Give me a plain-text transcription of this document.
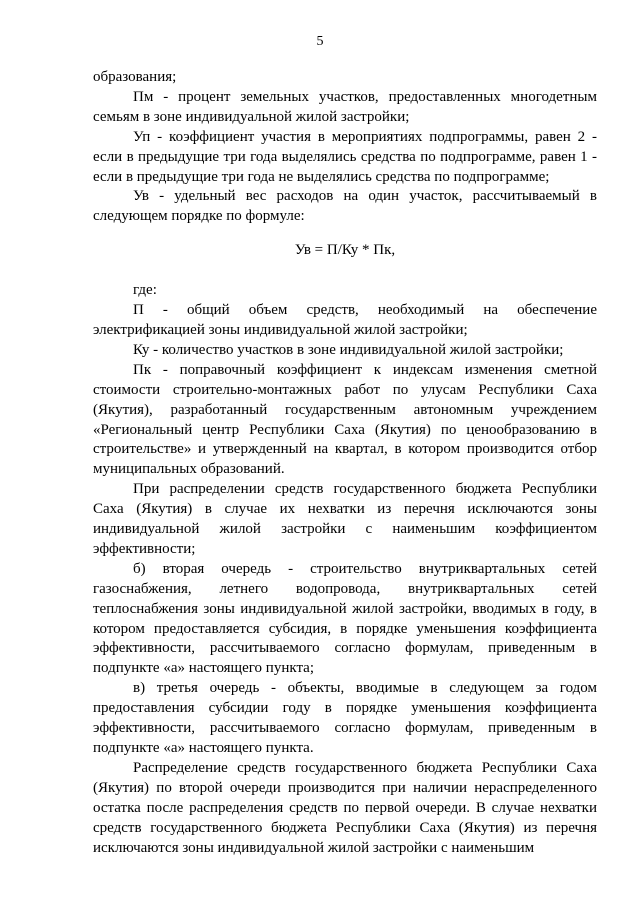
5

образования;

Пм - процент земельных участков, предоставленных многодетным семьям в зоне индивидуальной жилой застройки;

Уп - коэффициент участия в мероприятиях подпрограммы, равен 2 - если в предыдущие три года выделялись средства по подпрограмме, равен 1 - если в предыдущие три года не выделялись средства по подпрограмме;

Ув - удельный вес расходов на один участок, рассчитываемый в следующем порядке по формуле:

Ув = П/Ку * Пк,

где:

П - общий объем средств, необходимый на обеспечение электрификацией зоны индивидуальной жилой застройки;

Ку - количество участков в зоне индивидуальной жилой застройки;

Пк - поправочный коэффициент к индексам изменения сметной стоимости строительно-монтажных работ по улусам Республики Саха (Якутия), разработанный государственным автономным учреждением «Региональный центр Республики Саха (Якутия) по ценообразованию в строительстве» и утвержденный на квартал, в котором производится отбор муниципальных образований.

При распределении средств государственного бюджета Республики Саха (Якутия) в случае их нехватки из перечня исключаются зоны индивидуальной жилой застройки с наименьшим коэффициентом эффективности;

б) вторая очередь - строительство внутриквартальных сетей газоснабжения, летнего водопровода, внутриквартальных сетей теплоснабжения зоны индивидуальной жилой застройки, вводимых в году, в котором предоставляется субсидия, в порядке уменьшения коэффициента эффективности, рассчитываемого согласно формулам, приведенным в подпункте «а» настоящего пункта;

в) третья очередь - объекты, вводимые в следующем за годом предоставления субсидии году в порядке уменьшения коэффициента эффективности, рассчитываемого согласно формулам, приведенным в подпункте «а» настоящего пункта.

Распределение средств государственного бюджета Республики Саха (Якутия) по второй очереди производится при наличии нераспределенного остатка после распределения средств по первой очереди. В случае нехватки средств государственного бюджета Республики Саха (Якутия) из перечня исключаются зоны индивидуальной жилой застройки с наименьшим
